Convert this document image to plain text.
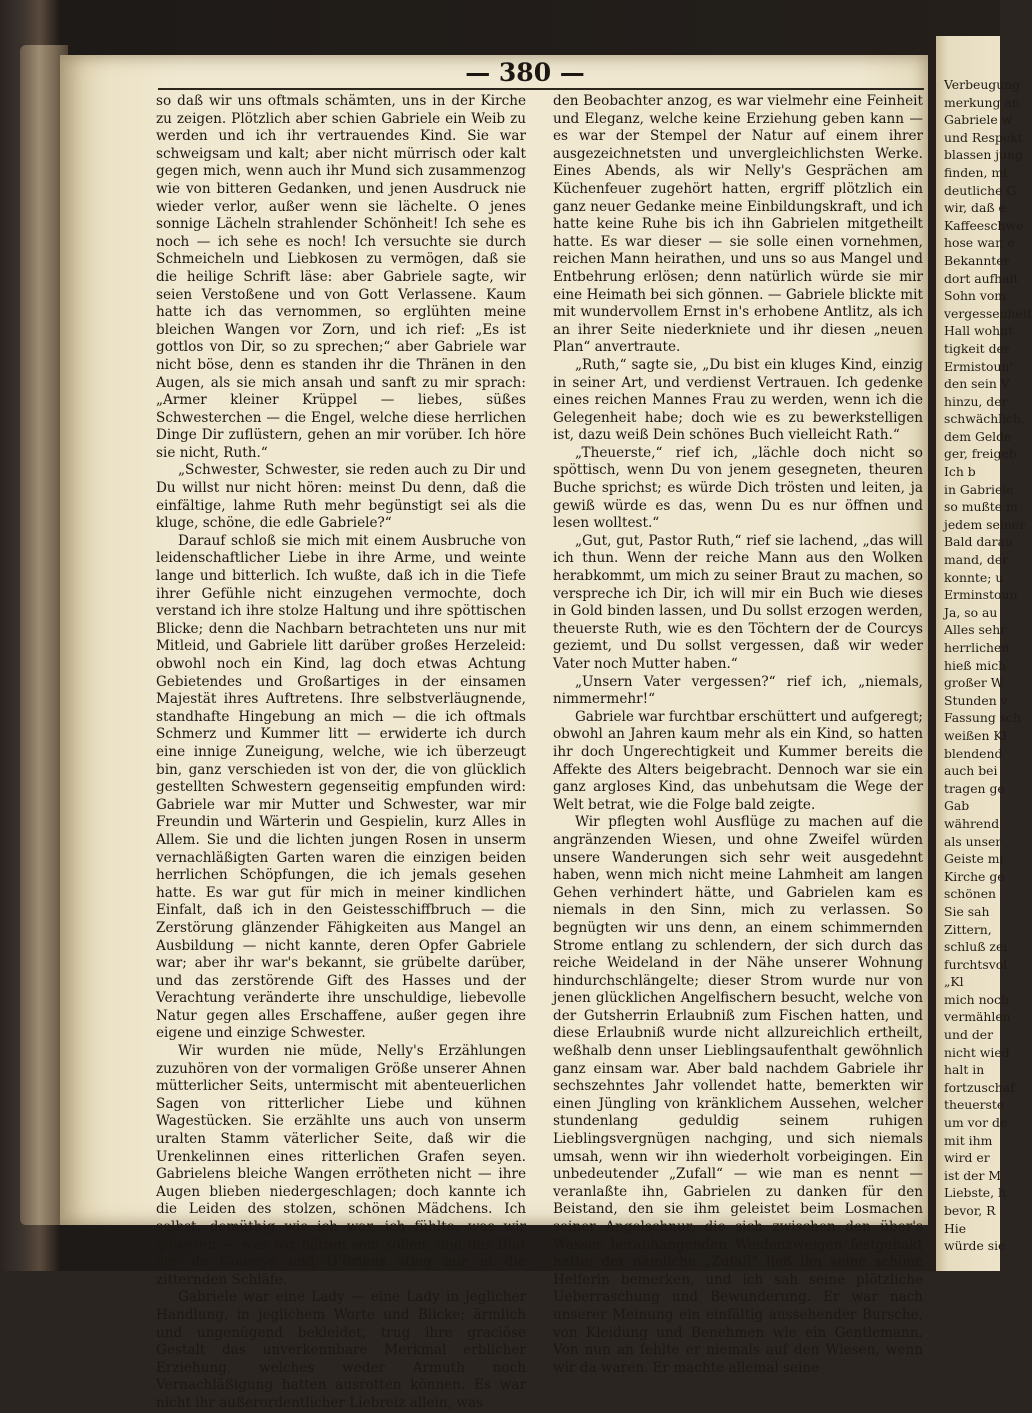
— 380 —

so daß wir uns oftmals schämten, uns in der Kirche zu zeigen. Plötzlich aber schien Gabriele ein Weib zu werden und ich ihr vertrauendes Kind. Sie war schweigsam und kalt; aber nicht mürrisch oder kalt gegen mich, wenn auch ihr Mund sich zusammenzog wie von bitteren Gedanken, und jenen Ausdruck nie wieder verlor, außer wenn sie lächelte. O jenes sonnige Lächeln strahlender Schönheit! Ich sehe es noch — ich sehe es noch! Ich versuchte sie durch Schmeicheln und Liebkosen zu vermögen, daß sie die heilige Schrift läse: aber Gabriele sagte, wir seien Verstoßene und von Gott Verlassene. Kaum hatte ich das vernommen, so erglühten meine bleichen Wangen vor Zorn, und ich rief: „Es ist gottlos von Dir, so zu sprechen;“ aber Gabriele war nicht böse, denn es standen ihr die Thränen in den Augen, als sie mich ansah und sanft zu mir sprach: „Armer kleiner Krüppel — liebes, süßes Schwesterchen — die Engel, welche diese herrlichen Dinge Dir zuflüstern, gehen an mir vorüber. Ich höre sie nicht, Ruth.“

„Schwester, Schwester, sie reden auch zu Dir und Du willst nur nicht hören: meinst Du denn, daß die einfältige, lahme Ruth mehr begünstigt sei als die kluge, schöne, die edle Gabriele?“

Darauf schloß sie mich mit einem Ausbruche von leidenschaftlicher Liebe in ihre Arme, und weinte lange und bitterlich. Ich wußte, daß ich in die Tiefe ihrer Gefühle nicht einzugehen vermochte, doch verstand ich ihre stolze Haltung und ihre spöttischen Blicke; denn die Nachbarn betrachteten uns nur mit Mitleid, und Gabriele litt darüber großes Herzeleid: obwohl noch ein Kind, lag doch etwas Achtung Gebietendes und Großartiges in der einsamen Majestät ihres Auftretens. Ihre selbstverläugnende, standhafte Hingebung an mich — die ich oftmals Schmerz und Kummer litt — erwiderte ich durch eine innige Zuneigung, welche, wie ich überzeugt bin, ganz verschieden ist von der, die von glücklich gestellten Schwestern gegenseitig empfunden wird: Gabriele war mir Mutter und Schwester, war mir Freundin und Wärterin und Gespielin, kurz Alles in Allem. Sie und die lichten jungen Rosen in unserm vernachläßigten Garten waren die einzigen beiden herrlichen Schöpfungen, die ich jemals gesehen hatte. Es war gut für mich in meiner kindlichen Einfalt, daß ich in den Geistesschiffbruch — die Zerstörung glänzender Fähigkeiten aus Mangel an Ausbildung — nicht kannte, deren Opfer Gabriele war; aber ihr war's bekannt, sie grübelte darüber, und das zerstörende Gift des Hasses und der Verachtung veränderte ihre unschuldige, liebevolle Natur gegen alles Erschaffene, außer gegen ihre eigene und einzige Schwester.

Wir wurden nie müde, Nelly's Erzählungen zuzuhören von der vormaligen Größe unserer Ahnen mütterlicher Seits, untermischt mit abenteuerlichen Sagen von ritterlicher Liebe und kühnen Wagestücken. Sie erzählte uns auch von unserm uralten Stamm väterlicher Seite, daß wir die Urenkelinnen eines ritterlichen Grafen seyen. Gabrielens bleiche Wangen errötheten nicht — ihre Augen blieben niedergeschlagen; doch kannte ich die Leiden des stolzen, schönen Mädchens. Ich selbst, demüthig wie ich war, ich fühlte, was wir gewesen — was wir hätten sein sollen; und das Blut der de Courcys und O'Briens stieg mir in die zitternden Schläfe.

Gabriele war eine Lady — eine Lady in jeglicher Handlung, in jeglichem Worte und Blicke; ärmlich und ungenügend bekleidet, trug ihre graciöse Gestalt das unverkennbare Merkmal erblicher Erziehung, welches weder Armuth noch Vernachläßigung hatten ausrotten können. Es war nicht ihr außerordentlicher Liebreiz allein, was

den Beobachter anzog, es war vielmehr eine Feinheit und Eleganz, welche keine Erziehung geben kann — es war der Stempel der Natur auf einem ihrer ausgezeichnetsten und unvergleichlichsten Werke. Eines Abends, als wir Nelly's Gesprächen am Küchenfeuer zugehört hatten, ergriff plötzlich ein ganz neuer Gedanke meine Einbildungskraft, und ich hatte keine Ruhe bis ich ihn Gabrielen mitgetheilt hatte. Es war dieser — sie solle einen vornehmen, reichen Mann heirathen, und uns so aus Mangel und Entbehrung erlösen; denn natürlich würde sie mir eine Heimath bei sich gönnen. — Gabriele blickte mit mit wundervollem Ernst in's erhobene Antlitz, als ich an ihrer Seite niederkniete und ihr diesen „neuen Plan“ anvertraute.

„Ruth,“ sagte sie, „Du bist ein kluges Kind, einzig in seiner Art, und verdienst Vertrauen. Ich gedenke eines reichen Mannes Frau zu werden, wenn ich die Gelegenheit habe; doch wie es zu bewerkstelligen ist, dazu weiß Dein schönes Buch vielleicht Rath.“

„Theuerste,“ rief ich, „lächle doch nicht so spöttisch, wenn Du von jenem gesegneten, theuren Buche sprichst; es würde Dich trösten und leiten, ja gewiß würde es das, wenn Du es nur öffnen und lesen wolltest.“

„Gut, gut, Pastor Ruth,“ rief sie lachend, „das will ich thun. Wenn der reiche Mann aus den Wolken herabkommt, um mich zu seiner Braut zu machen, so verspreche ich Dir, ich will mir ein Buch wie dieses in Gold binden lassen, und Du sollst erzogen werden, theuerste Ruth, wie es den Töchtern der de Courcys geziemt, und Du sollst vergessen, daß wir weder Vater noch Mutter haben.“

„Unsern Vater vergessen?“ rief ich, „niemals, nimmermehr!“

Gabriele war furchtbar erschüttert und aufgeregt; obwohl an Jahren kaum mehr als ein Kind, so hatten ihr doch Ungerechtigkeit und Kummer bereits die Affekte des Alters beigebracht. Dennoch war sie ein ganz argloses Kind, das unbehutsam die Wege der Welt betrat, wie die Folge bald zeigte.

Wir pflegten wohl Ausflüge zu machen auf die angränzenden Wiesen, und ohne Zweifel würden unsere Wanderungen sich sehr weit ausgedehnt haben, wenn mich nicht meine Lahmheit am langen Gehen verhindert hätte, und Gabrielen kam es niemals in den Sinn, mich zu verlassen. So begnügten wir uns denn, an einem schimmernden Strome entlang zu schlendern, der sich durch das reiche Weideland in der Nähe unserer Wohnung hindurchschlängelte; dieser Strom wurde nur von jenen glücklichen Angelfischern besucht, welche von der Gutsherrin Erlaubniß zum Fischen hatten, und diese Erlaubniß wurde nicht allzureichlich ertheilt, weßhalb denn unser Lieblingsaufenthalt gewöhnlich ganz einsam war. Aber bald nachdem Gabriele ihr sechszehntes Jahr vollendet hatte, bemerkten wir einen Jüngling von kränklichem Aussehen, welcher stundenlang geduldig seinem ruhigen Lieblingsvergnügen nachging, und sich niemals umsah, wenn wir ihn wiederholt vorbeigingen. Ein unbedeutender „Zufall“ — wie man es nennt — veranlaßte ihn, Gabrielen zu danken für den Beistand, den sie ihm geleistet beim Losmachen seiner Angelschnur, die sich zwischen den über's Wasser herabhängenden Weidenzweigen festgehakt hatte; der nämliche „Zufall“ ließ ihn seine schöne Helferin bemerken, und ich sah seine plötzliche Ueberraschung und Bewunderung. Er war nach unserer Meinung ein einfältig aussehender Bursche, von Kleidung und Benehmen wie ein Gentlemann. Von nun an fehlte er niemals auf den Wiesen, wenn wir da waren. Er machte allemal seine

Verbeugung
merkung an
Gabriele w
und Respekt
blassen jung
finden, mi
deutliche G
wir, daß e
Kaffeeschwe
hose war, e
Bekannter
dort aufhalt
Sohn vom
vergessenheit
Hall wohnt
tigkeit der
Ermistoun'
den sein V
hinzu, der
schwächlich,
dem Gelde
ger, freigeb
Ich b
in Gabriele
so mußte m
jedem seiner
Bald darau
mand, der
konnte; u
Erminstoun
Ja, so au
Alles sehr
herrlichen
hieß mich
großer W
Stunden v
Fassung sch
weißen Kl
blendend
auch bei
tragen ge
Gab
während
als unser
Geiste mi
Kirche ge
schönen
Sie sah
Zittern,
schluß zei
furchtsvol
„Kl
mich noch
vermählen
und der
nicht wied
halt in
fortzuschaf
theuerste
um vor de
mit ihm
wird er
ist der M
Liebste, h
bevor, R
Hie
würde sie
